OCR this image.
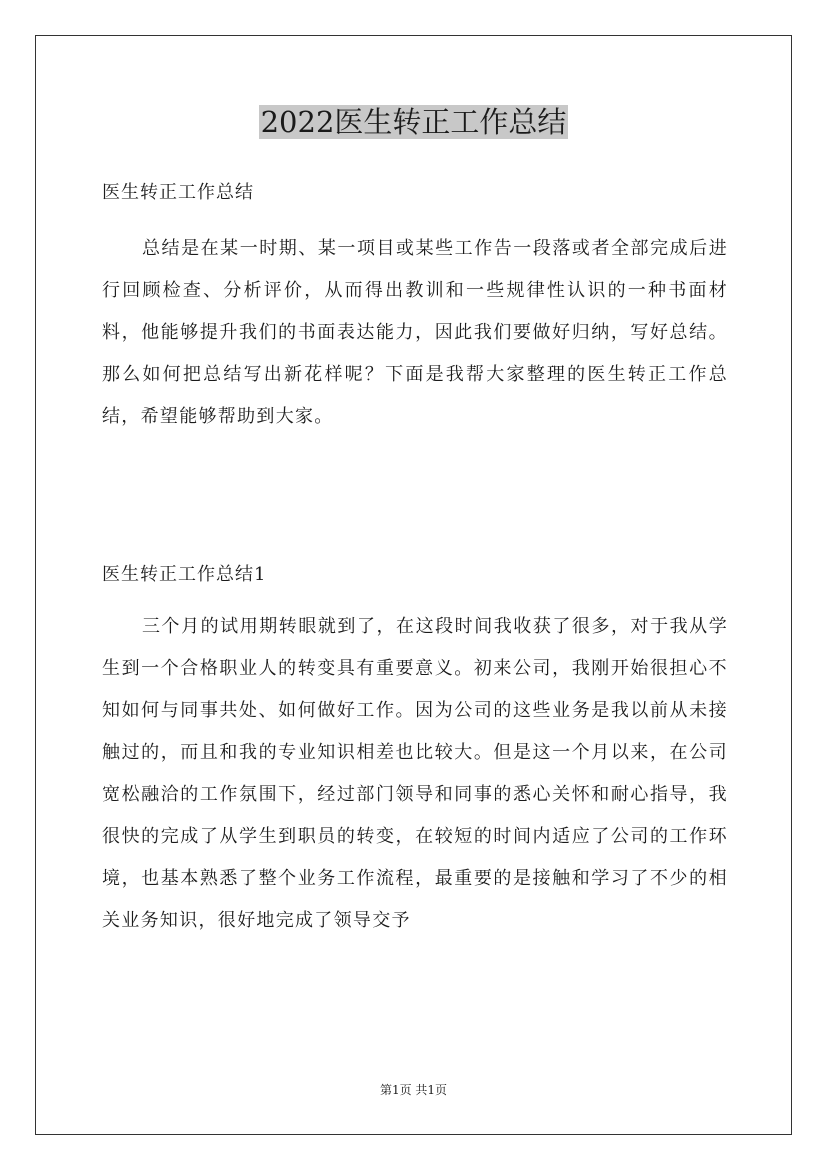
2022医生转正工作总结

医生转正工作总结

总结是在某一时期、某一项目或某些工作告一段落或者全部完成后进行回顾检查、分析评价，从而得出教训和一些规律性认识的一种书面材料，他能够提升我们的书面表达能力，因此我们要做好归纳，写好总结。那么如何把总结写出新花样呢？下面是我帮大家整理的医生转正工作总结，希望能够帮助到大家。

医生转正工作总结1

三个月的试用期转眼就到了，在这段时间我收获了很多，对于我从学生到一个合格职业人的转变具有重要意义。初来公司，我刚开始很担心不知如何与同事共处、如何做好工作。因为公司的这些业务是我以前从未接触过的，而且和我的专业知识相差也比较大。但是这一个月以来，在公司宽松融洽的工作氛围下，经过部门领导和同事的悉心关怀和耐心指导，我很快的完成了从学生到职员的转变，在较短的时间内适应了公司的工作环境，也基本熟悉了整个业务工作流程，最重要的是接触和学习了不少的相关业务知识，很好地完成了领导交予

第1页 共1页
